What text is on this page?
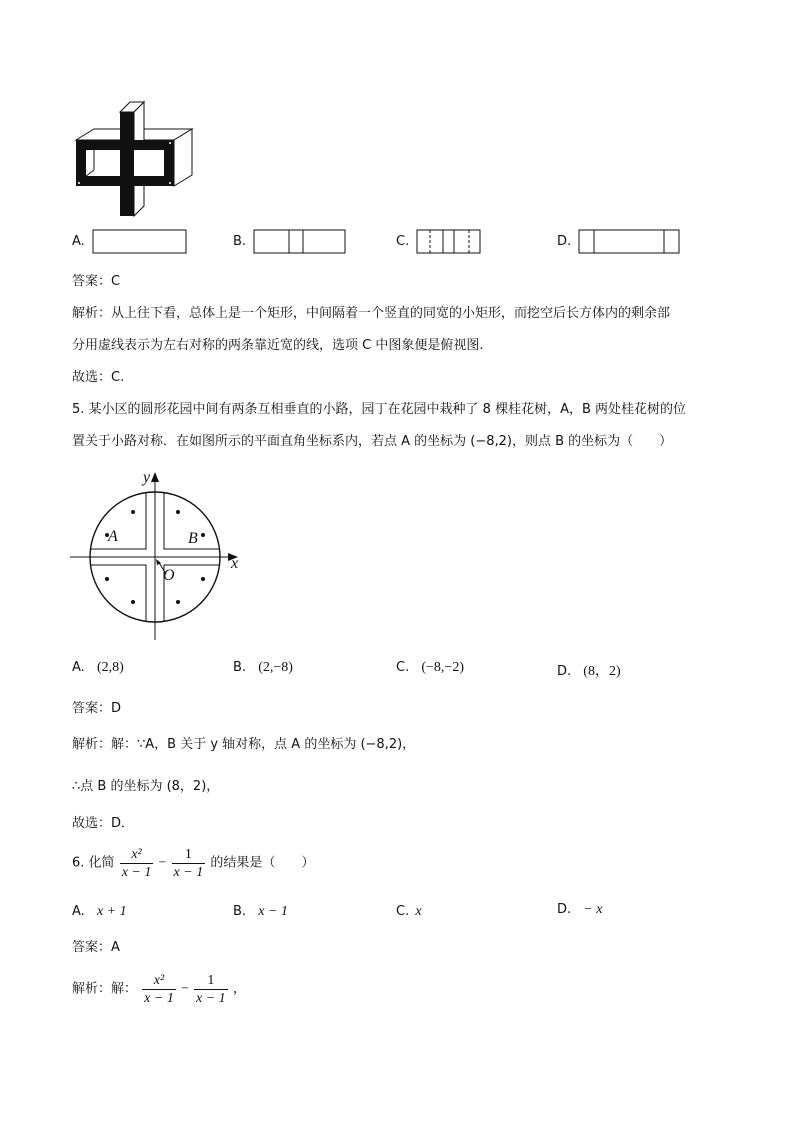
A.	B.	C.	D.
答案：C
解析：从上往下看，总体上是一个矩形，中间隔着一个竖直的同宽的小矩形，而挖空后长方体内的剩余部
分用虚线表示为左右对称的两条靠近宽的线，选项 C 中图象便是俯视图.
故选：C.
5. 某小区的圆形花园中间有两条互相垂直的小路，园丁在花园中栽种了 8 棵桂花树，A，B 两处桂花树的位
置关于小路对称．在如图所示的平面直角坐标系内，若点 A 的坐标为 (−8,2)，则点 B 的坐标为（　　）
y
x
O
A	B
A. (2,8)	B. (2,−8)	C. (−8,−2)	D. (8，2)
答案：D
解析：解：∵A，B 关于 y 轴对称，点 A 的坐标为 (−8,2)，
∴点 B 的坐标为 (8，2)，
故选：D．
6. 化简 $\frac{\text{x²}}{x - 1} - \frac{1}{x - 1}$ 的结果是（　　）
A. x + 1	B. x − 1	C. x	D. − x
答案：A
解析：解： $\frac{\text{x²}}{x - 1} - \frac{1}{x - 1}$ ，
